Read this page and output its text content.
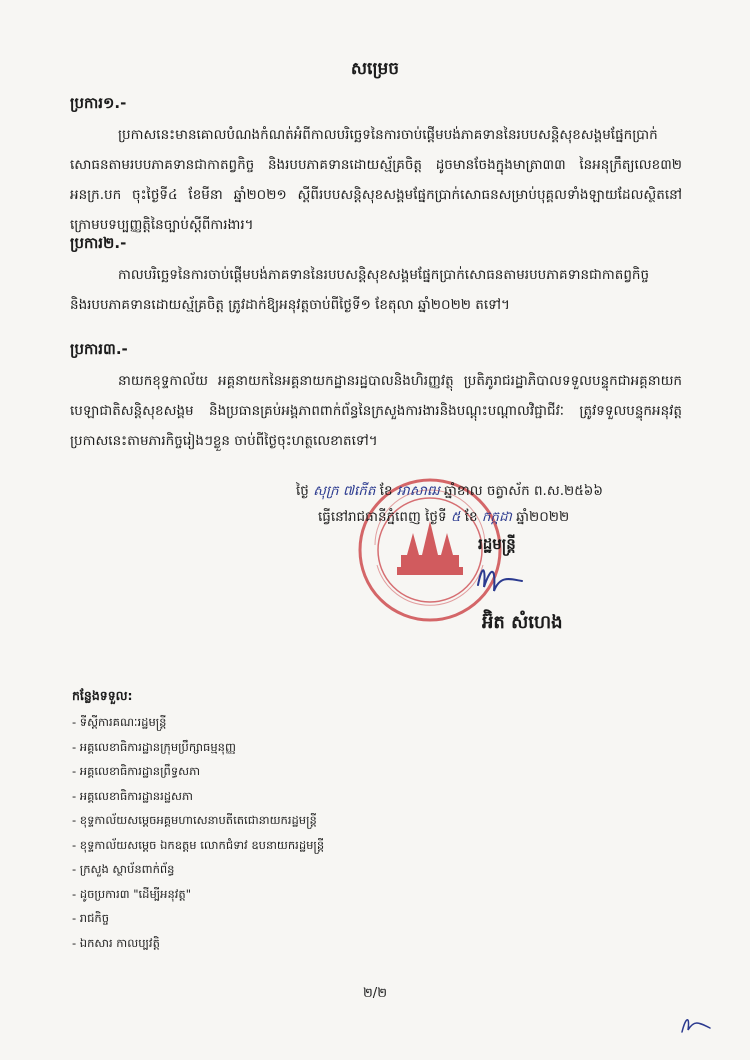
សម្រេច
ប្រការ១.-
ប្រកាសនេះមានគោលបំណងកំណត់អំពីកាលបរិច្ឆេទនៃការចាប់ផ្តើមបង់ភាគទាននៃរបបសន្តិសុខសង្គមផ្នែកប្រាក់សោធនតាមរបបភាគទានជាកាតព្វកិច្ច និងរបបភាគទានដោយស្ម័គ្រចិត្ត ដូចមានចែងក្នុងមាត្រា៣៣ នៃអនុក្រឹត្យលេខ៣២ អនក្រ.បក ចុះថ្ងៃទី៤ ខែមីនា ឆ្នាំ២០២១ ស្តីពីរបបសន្តិសុខសង្គមផ្នែកប្រាក់សោធនសម្រាប់បុគ្គលទាំងឡាយដែលស្ថិតនៅក្រោមបទប្បញ្ញត្តិនៃច្បាប់ស្តីពីការងារ។
ប្រការ២.-
កាលបរិច្ឆេទនៃការចាប់ផ្តើមបង់ភាគទាននៃរបបសន្តិសុខសង្គមផ្នែកប្រាក់សោធនតាមរបបភាគទានជាកាតព្វកិច្ច និងរបបភាគទានដោយស្ម័គ្រចិត្ត ត្រូវដាក់ឱ្យអនុវត្តចាប់ពីថ្ងៃទី១ ខែតុលា ឆ្នាំ២០២២ តទៅ។
ប្រការ៣.-
នាយកខុទ្ទកាល័យ អគ្គនាយកនៃអគ្គនាយកដ្ឋានរដ្ឋបាលនិងហិរញ្ញវត្ថុ ប្រតិភូរាជរដ្ឋាភិបាលទទួលបន្ទុកជាអគ្គនាយកបេឡាជាតិសន្តិសុខសង្គម និងប្រធានគ្រប់អង្គភាពពាក់ព័ន្ធនៃក្រសួងការងារនិងបណ្តុះបណ្តាលវិជ្ជាជីវៈ ត្រូវទទួលបន្ទុកអនុវត្តប្រកាសនេះតាមភារកិច្ចរៀងៗខ្លួន ចាប់ពីថ្ងៃចុះហត្ថលេខាតទៅ។
ថ្ងៃ សុក្រ ៧កើត ខែ អាសាឍ ឆ្នាំខាល ចត្វាស័ក ព.ស.២៥៦៦
ធ្វើនៅរាជធានីភ្នំពេញ ថ្ងៃទី ៥ ខែ កក្កដា ឆ្នាំ២០២២
រដ្ឋមន្ត្រី
អ៊ិត សំហេង
កន្លែងទទួល:
- ទីស្តីការគណៈរដ្ឋមន្ត្រី
- អគ្គលេខាធិការដ្ឋានក្រុមប្រឹក្សាធម្មនុញ្ញ
- អគ្គលេខាធិការដ្ឋានព្រឹទ្ធសភា
- អគ្គលេខាធិការដ្ឋានរដ្ឋសភា
- ខុទ្ទកាល័យសម្តេចអគ្គមហាសេនាបតីតេជោនាយករដ្ឋមន្ត្រី
- ខុទ្ទកាល័យសម្តេច ឯកឧត្តម លោកជំទាវ ឧបនាយករដ្ឋមន្ត្រី
- ក្រសួង ស្ថាប័នពាក់ព័ន្ធ
- ដូចប្រការ៣ "ដើម្បីអនុវត្ត"
- រាជកិច្ច
- ឯកសារ កាលប្បវត្តិ
២/២
